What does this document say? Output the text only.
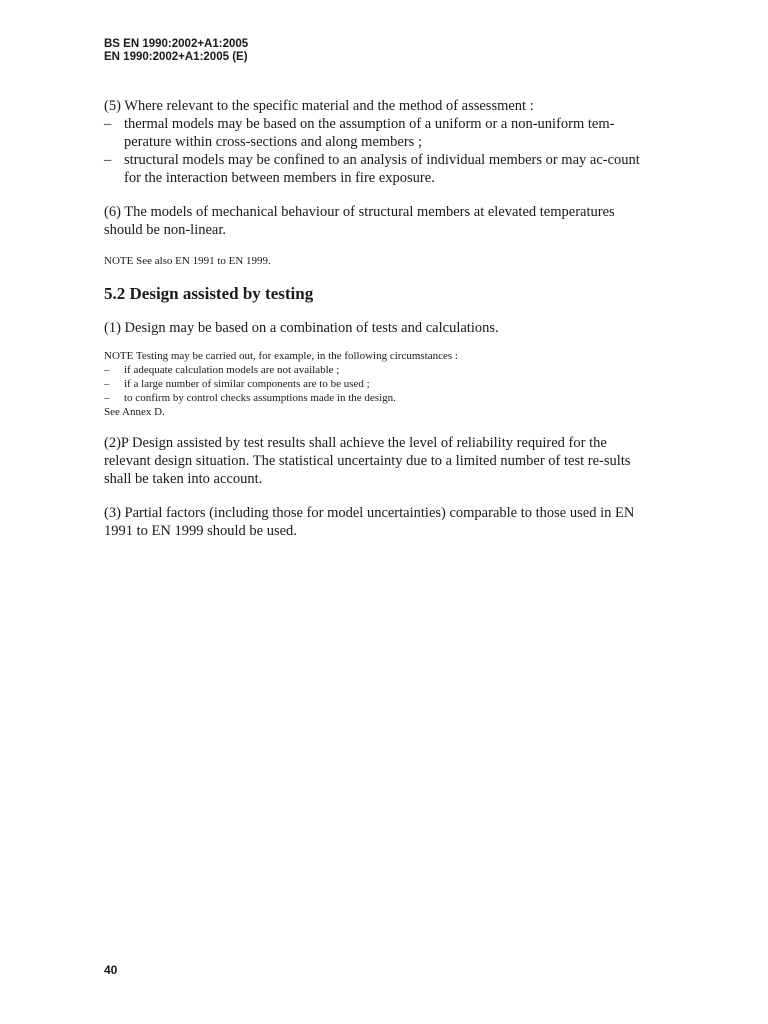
BS EN 1990:2002+A1:2005
EN 1990:2002+A1:2005 (E)

(5) Where relevant to the specific material and the method of assessment :

– thermal models may be based on the assumption of a uniform or a non-uniform tem-perature within cross-sections and along members ;
– structural models may be confined to an analysis of individual members or may ac-count for the interaction between members in fire exposure.

(6) The models of mechanical behaviour of structural members at elevated temperatures should be non-linear.

NOTE See also EN 1991 to EN 1999.

5.2 Design assisted by testing

(1) Design may be based on a combination of tests and calculations.

NOTE Testing may be carried out, for example, in the following circumstances :

– if adequate calculation models are not available ;
– if a large number of similar components are to be used ;
– to confirm by control checks assumptions made in the design.

See Annex D.

(2)P Design assisted by test results shall achieve the level of reliability required for the relevant design situation. The statistical uncertainty due to a limited number of test re-sults shall be taken into account.

(3) Partial factors (including those for model uncertainties) comparable to those used in EN 1991 to EN 1999 should be used.

40
